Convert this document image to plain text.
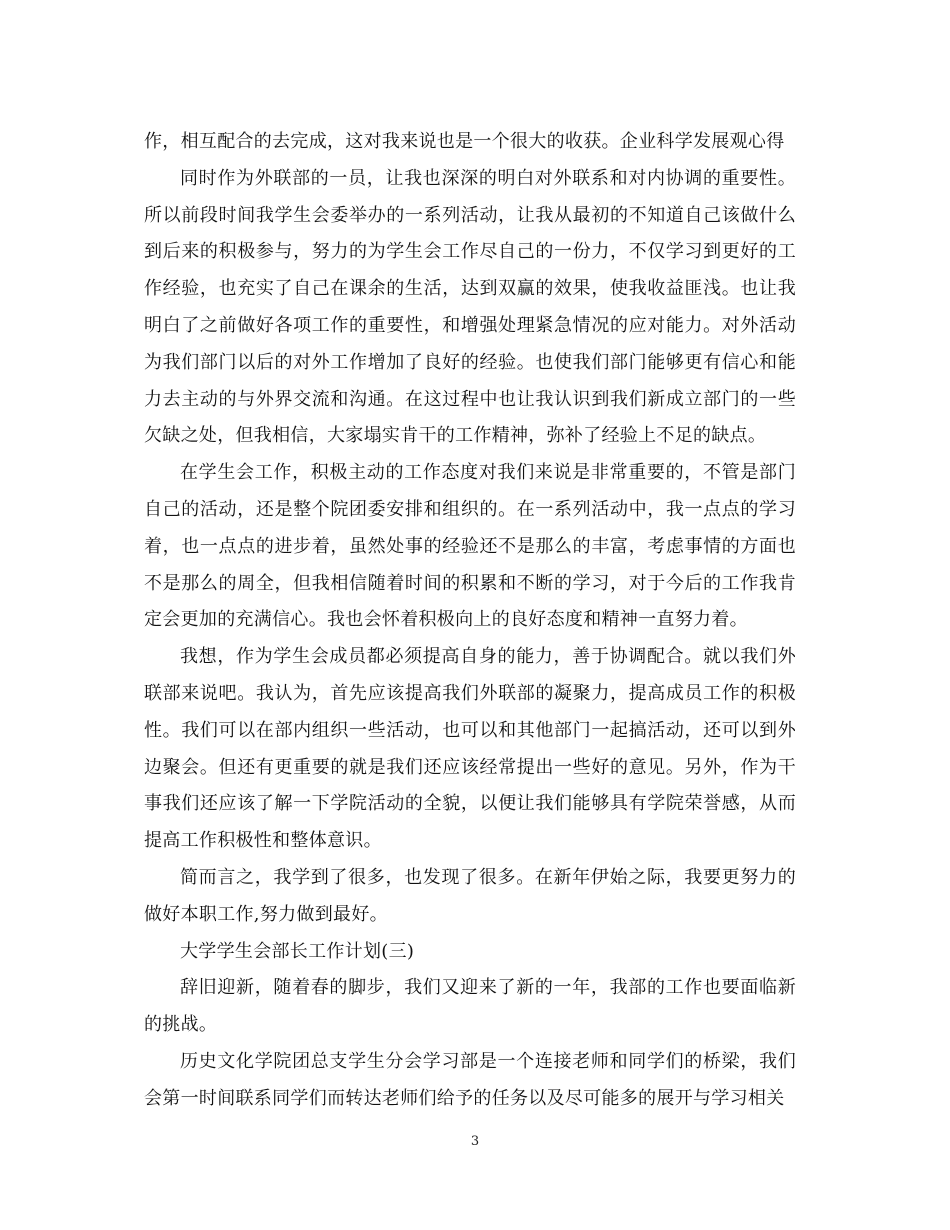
作，相互配合的去完成，这对我来说也是一个很大的收获。企业科学发展观心得

同时作为外联部的一员，让我也深深的明白对外联系和对内协调的重要性。所以前段时间我学生会委举办的一系列活动，让我从最初的不知道自己该做什么到后来的积极参与，努力的为学生会工作尽自己的一份力，不仅学习到更好的工作经验，也充实了自己在课余的生活，达到双赢的效果，使我收益匪浅。也让我明白了之前做好各项工作的重要性，和增强处理紧急情况的应对能力。对外活动为我们部门以后的对外工作增加了良好的经验。也使我们部门能够更有信心和能力去主动的与外界交流和沟通。在这过程中也让我认识到我们新成立部门的一些欠缺之处，但我相信，大家塌实肯干的工作精神，弥补了经验上不足的缺点。

在学生会工作，积极主动的工作态度对我们来说是非常重要的，不管是部门自己的活动，还是整个院团委安排和组织的。在一系列活动中，我一点点的学习着，也一点点的进步着，虽然处事的经验还不是那么的丰富，考虑事情的方面也不是那么的周全，但我相信随着时间的积累和不断的学习，对于今后的工作我肯定会更加的充满信心。我也会怀着积极向上的良好态度和精神一直努力着。

我想，作为学生会成员都必须提高自身的能力，善于协调配合。就以我们外联部来说吧。我认为，首先应该提高我们外联部的凝聚力，提高成员工作的积极性。我们可以在部内组织一些活动，也可以和其他部门一起搞活动，还可以到外边聚会。但还有更重要的就是我们还应该经常提出一些好的意见。另外，作为干事我们还应该了解一下学院活动的全貌，以便让我们能够具有学院荣誉感，从而提高工作积极性和整体意识。

简而言之，我学到了很多，也发现了很多。在新年伊始之际，我要更努力的做好本职工作,努力做到最好。

大学学生会部长工作计划(三)

辞旧迎新，随着春的脚步，我们又迎来了新的一年，我部的工作也要面临新的挑战。

历史文化学院团总支学生分会学习部是一个连接老师和同学们的桥梁，我们会第一时间联系同学们而转达老师们给予的任务以及尽可能多的展开与学习相关

3
